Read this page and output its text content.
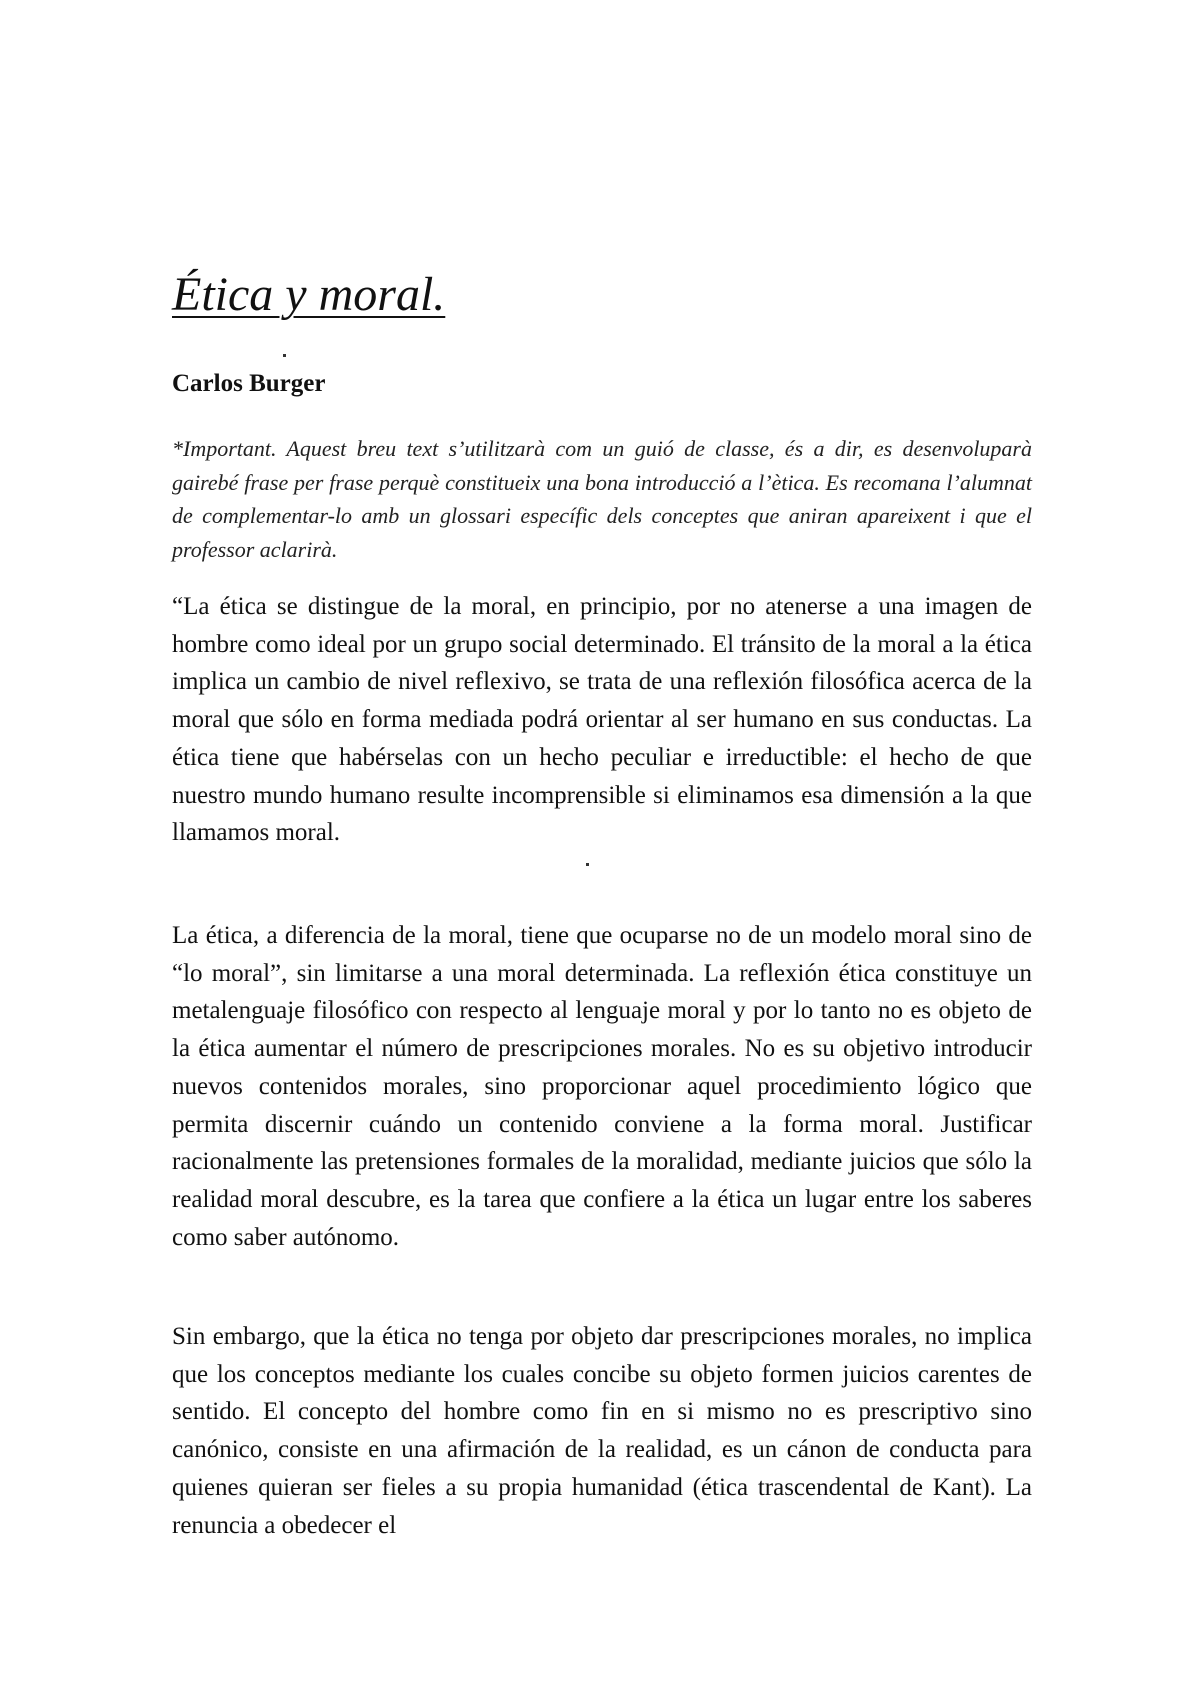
Ética y moral.
Carlos Burger

*Important. Aquest breu text s’utilitzarà com un guió de classe, és a dir, es desenvoluparà gairebé frase per frase perquè constitueix una bona introducció a l’ètica. Es recomana l’alumnat de complementar-lo amb un glossari específic dels conceptes que aniran apareixent i que el professor aclarirà.

“La ética se distingue de la moral, en principio, por no atenerse a una imagen de hombre como ideal por un grupo social determinado. El tránsito de la moral a la ética implica un cambio de nivel reflexivo, se trata de una reflexión filosófica acerca de la moral que sólo en forma mediada podrá orientar al ser humano en sus conductas. La ética tiene que habérselas con un hecho peculiar e irreductible: el hecho de que nuestro mundo humano resulte incomprensible si eliminamos esa dimensión a la que llamamos moral.

La ética, a diferencia de la moral, tiene que ocuparse no de un modelo moral sino de “lo moral”, sin limitarse a una moral determinada. La reflexión ética constituye un metalenguaje filosófico con respecto al lenguaje moral y por lo tanto no es objeto de la ética aumentar el número de prescripciones morales. No es su objetivo introducir nuevos contenidos morales, sino proporcionar aquel procedimiento lógico que permita discernir cuándo un contenido conviene a la forma moral. Justificar racionalmente las pretensiones formales de la moralidad, mediante juicios que sólo la realidad moral descubre, es la tarea que confiere a la ética un lugar entre los saberes como saber autónomo.

Sin embargo, que la ética no tenga por objeto dar prescripciones morales, no implica que los conceptos mediante los cuales concibe su objeto formen juicios carentes de sentido. El concepto del hombre como fin en si mismo no es prescriptivo sino canónico, consiste en una afirmación de la realidad, es un cánon de conducta para quienes quieran ser fieles a su propia humanidad (ética trascendental de Kant). La renuncia a obedecer el
